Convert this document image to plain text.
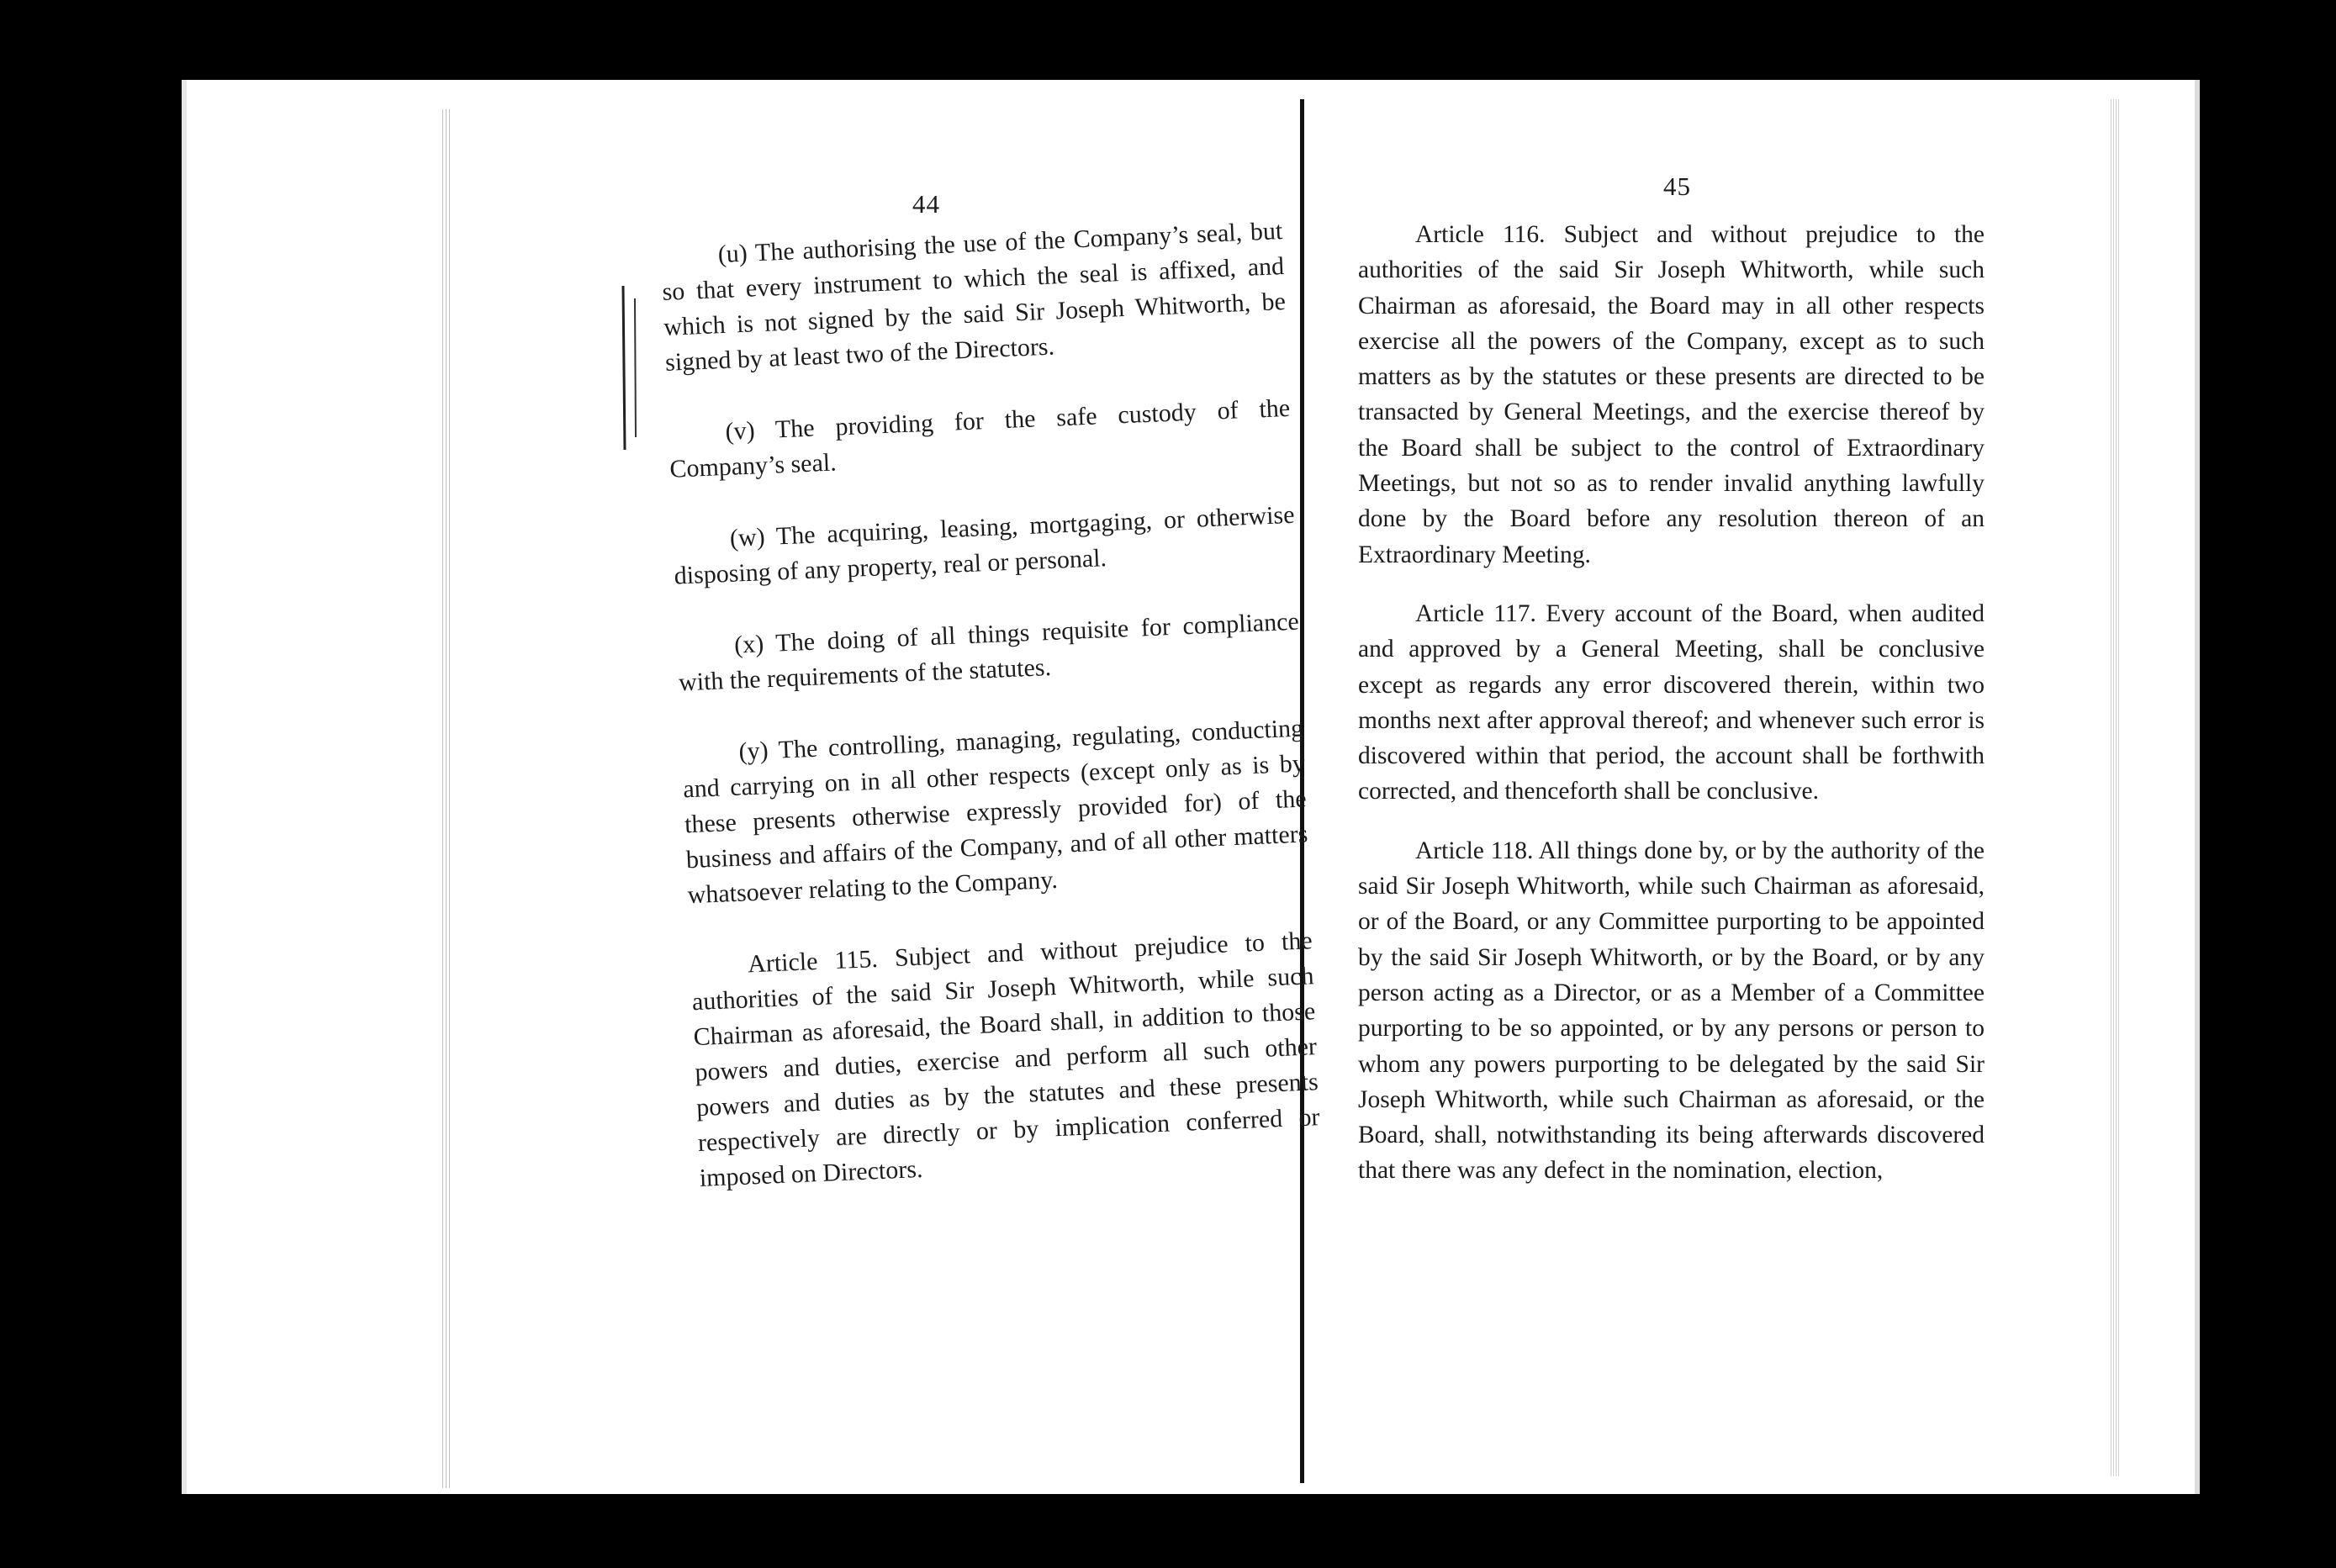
44
45

(u) The authorising the use of the Company’s seal, but so that every instrument to which the seal is affixed, and which is not signed by the said Sir Joseph Whitworth, be signed by at least two of the Directors.

(v) The providing for the safe custody of the Company’s seal.

(w) The acquiring, leasing, mortgaging, or otherwise disposing of any property, real or personal.

(x) The doing of all things requisite for compliance with the requirements of the statutes.

(y) The controlling, managing, regulating, conducting and carrying on in all other respects (except only as is by these presents otherwise expressly provided for) of the business and affairs of the Company, and of all other matters whatsoever relating to the Company.

Article 115. Subject and without prejudice to the authorities of the said Sir Joseph Whitworth, while such Chairman as aforesaid, the Board shall, in addition to those powers and duties, exercise and perform all such other powers and duties as by the statutes and these presents respectively are directly or by implication conferred or imposed on Directors.

Article 116. Subject and without prejudice to the authorities of the said Sir Joseph Whitworth, while such Chairman as aforesaid, the Board may in all other respects exercise all the powers of the Company, except as to such matters as by the statutes or these presents are directed to be transacted by General Meetings, and the exercise thereof by the Board shall be subject to the control of Extraordinary Meetings, but not so as to render invalid anything lawfully done by the Board before any resolution thereon of an Extraordinary Meeting.

Article 117. Every account of the Board, when audited and approved by a General Meeting, shall be conclusive except as regards any error discovered therein, within two months next after approval thereof; and whenever such error is discovered within that period, the account shall be forthwith corrected, and thenceforth shall be conclusive.

Article 118. All things done by, or by the authority of the said Sir Joseph Whitworth, while such Chairman as aforesaid, or of the Board, or any Committee purporting to be appointed by the said Sir Joseph Whitworth, or by the Board, or by any person acting as a Director, or as a Member of a Committee purporting to be so appointed, or by any persons or person to whom any powers purporting to be delegated by the said Sir Joseph Whitworth, while such Chairman as aforesaid, or the Board, shall, notwithstanding its being afterwards discovered that there was any defect in the nomination, election,
